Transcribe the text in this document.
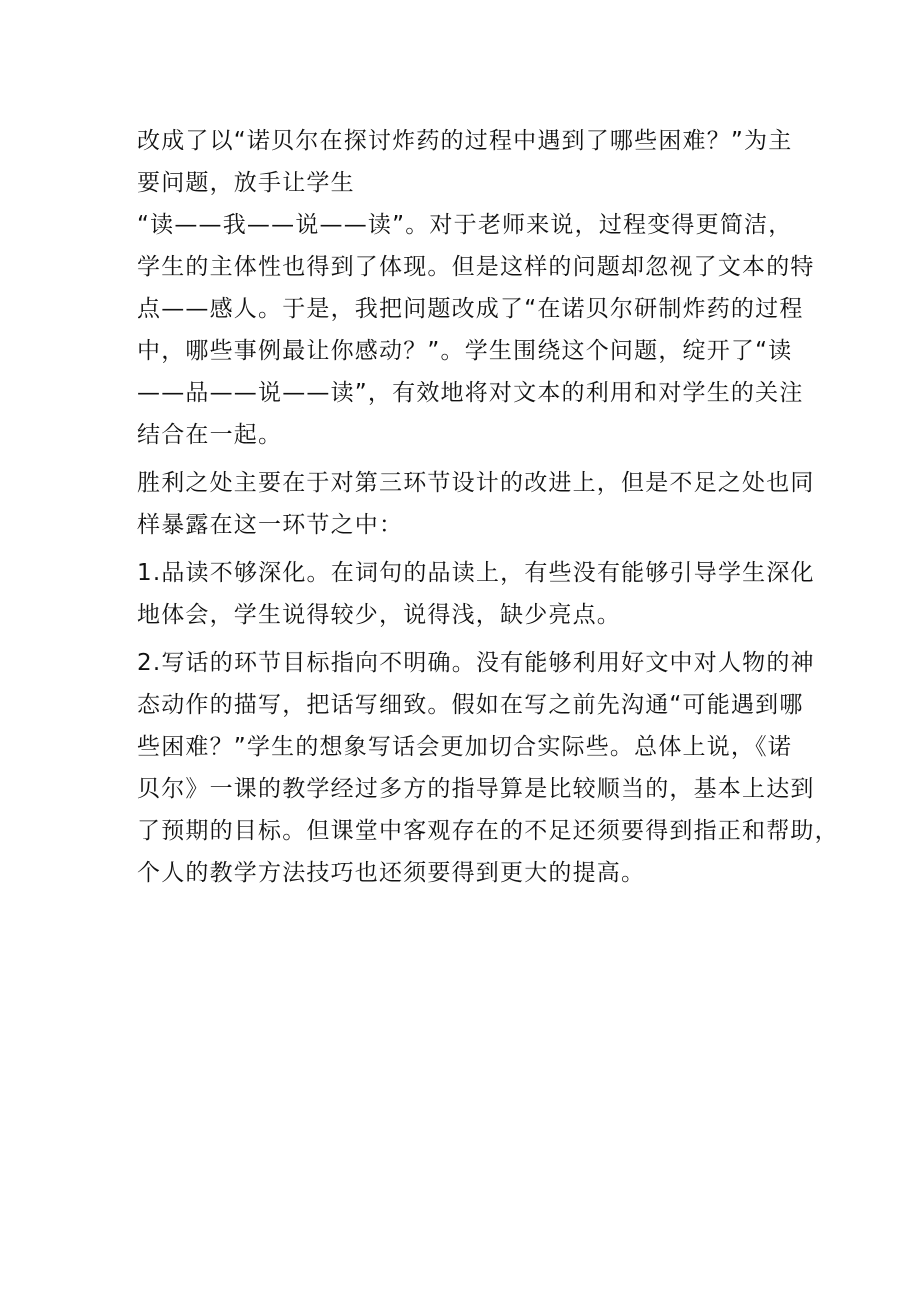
改成了以“诺贝尔在探讨炸药的过程中遇到了哪些困难？”为主
要问题，放手让学生
“读——我——说——读”。对于老师来说，过程变得更简洁，
学生的主体性也得到了体现。但是这样的问题却忽视了文本的特
点——感人。于是，我把问题改成了“在诺贝尔研制炸药的过程
中，哪些事例最让你感动？”。学生围绕这个问题，绽开了“读
——品——说——读”，有效地将对文本的利用和对学生的关注
结合在一起。
胜利之处主要在于对第三环节设计的改进上，但是不足之处也同
样暴露在这一环节之中：
1.品读不够深化。在词句的品读上，有些没有能够引导学生深化
地体会，学生说得较少，说得浅，缺少亮点。
2.写话的环节目标指向不明确。没有能够利用好文中对人物的神
态动作的描写，把话写细致。假如在写之前先沟通“可能遇到哪
些困难？”学生的想象写话会更加切合实际些。总体上说，《诺
贝尔》一课的教学经过多方的指导算是比较顺当的，基本上达到
了预期的目标。但课堂中客观存在的不足还须要得到指正和帮助，
个人的教学方法技巧也还须要得到更大的提高。
